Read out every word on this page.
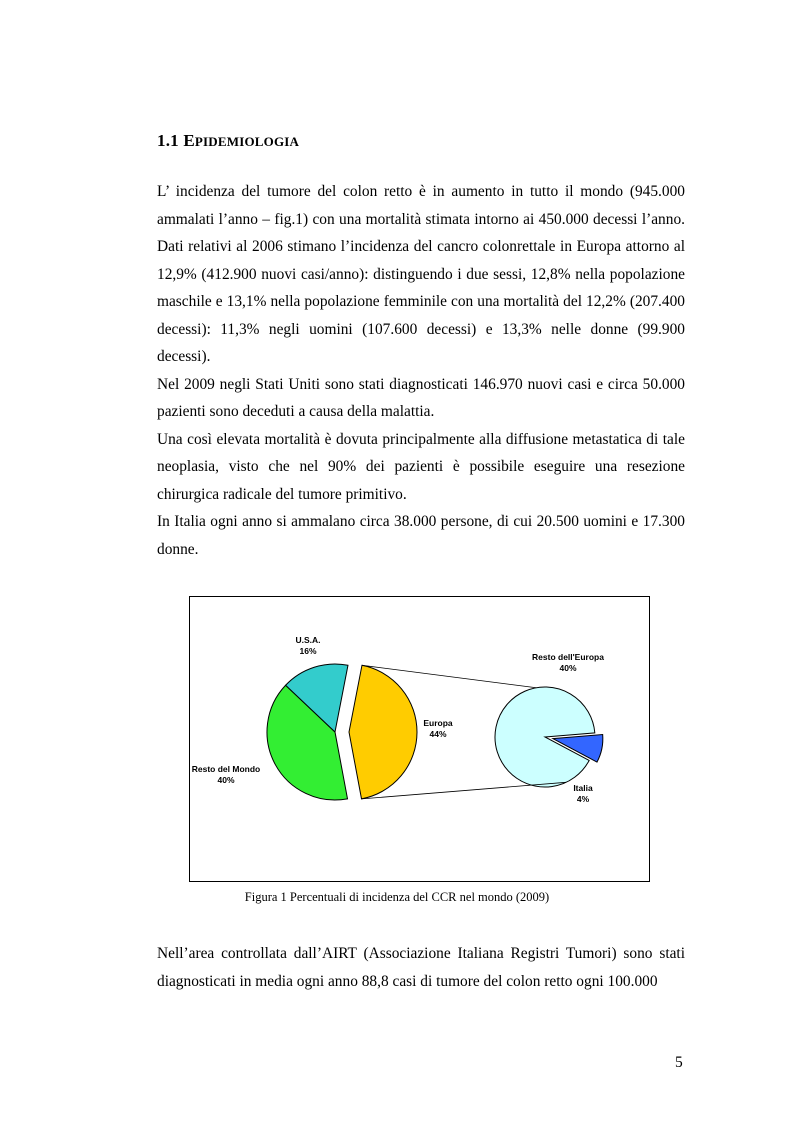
1.1 EPIDEMIOLOGIA

L’ incidenza del tumore del colon retto è in aumento in tutto il mondo (945.000 ammalati l’anno – fig.1) con una mortalità stimata intorno ai 450.000 decessi l’anno. Dati relativi al 2006 stimano l’incidenza del cancro colonrettale in Europa attorno al 12,9% (412.900 nuovi casi/anno): distinguendo i due sessi, 12,8% nella popolazione maschile e 13,1% nella popolazione femminile con una mortalità del 12,2% (207.400 decessi): 11,3% negli uomini (107.600 decessi) e 13,3% nelle donne (99.900 decessi).

Nel 2009 negli Stati Uniti sono stati diagnosticati 146.970 nuovi casi e circa 50.000 pazienti sono deceduti a causa della malattia.

Una così elevata mortalità è dovuta principalmente alla diffusione metastatica di tale neoplasia, visto che nel 90% dei pazienti è possibile eseguire una resezione chirurgica radicale del tumore primitivo.

In Italia ogni anno si ammalano circa 38.000 persone, di cui 20.500 uomini e 17.300 donne.

Europa
44%
Resto del Mondo
40%
U.S.A.
16%
Resto dell'Europa
40%
Italia
4%
Figura 1 Percentuali di incidenza del CCR nel mondo (2009)
Nell’area controllata dall’AIRT (Associazione Italiana Registri Tumori) sono stati diagnosticati in media ogni anno 88,8 casi di tumore del colon retto ogni 100.000
5
